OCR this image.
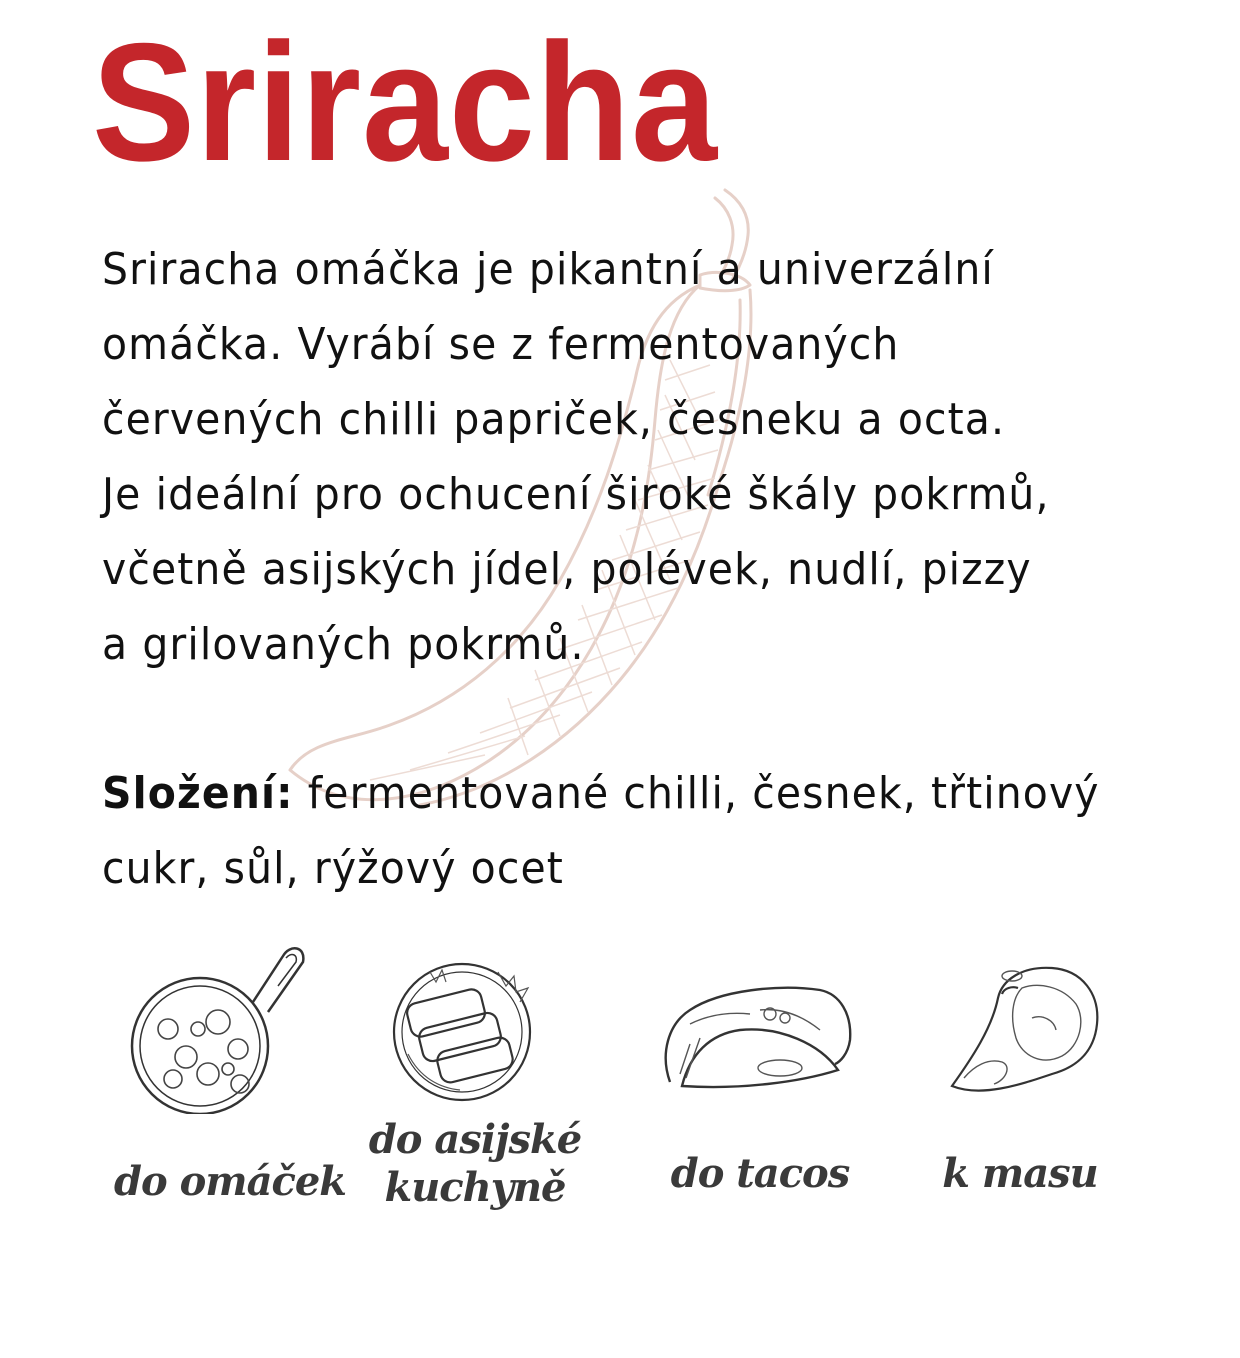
Sriracha
Sriracha omáčka je pikantní a univerzální
omáčka. Vyrábí se z fermentovaných
červených chilli papriček, česneku a octa.
Je ideální pro ochucení široké škály pokrmů,
včetně asijských jídel, polévek, nudlí, pizzy
a grilovaných pokrmů.
Složení: fermentované chilli, česnek, třtinový
cukr, sůl, rýžový ocet
do omáček
do asijské
kuchyně	do tacos	k masu
